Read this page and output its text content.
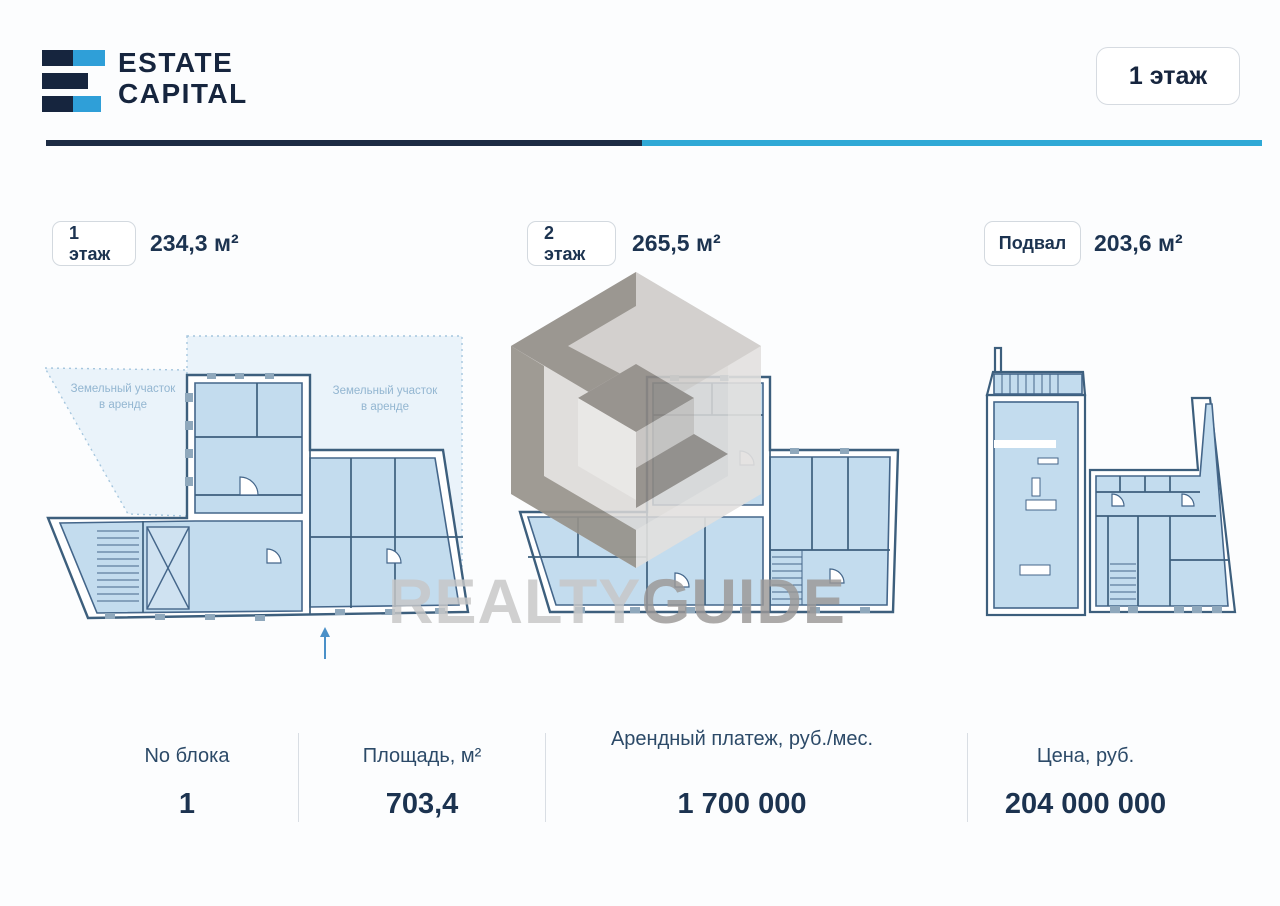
ESTATE
CAPITAL
1 этаж
1 этаж	234,3 м²	2 этаж	265,5 м²	Подвал	203,6 м²
Земельный участок
в аренде
Земельный участок
в аренде
REALTYGUIDE
No блока
1
Площадь, м²
703,4
Арендный платеж, руб./мес.
1 700 000
Цена, руб.
204 000 000
